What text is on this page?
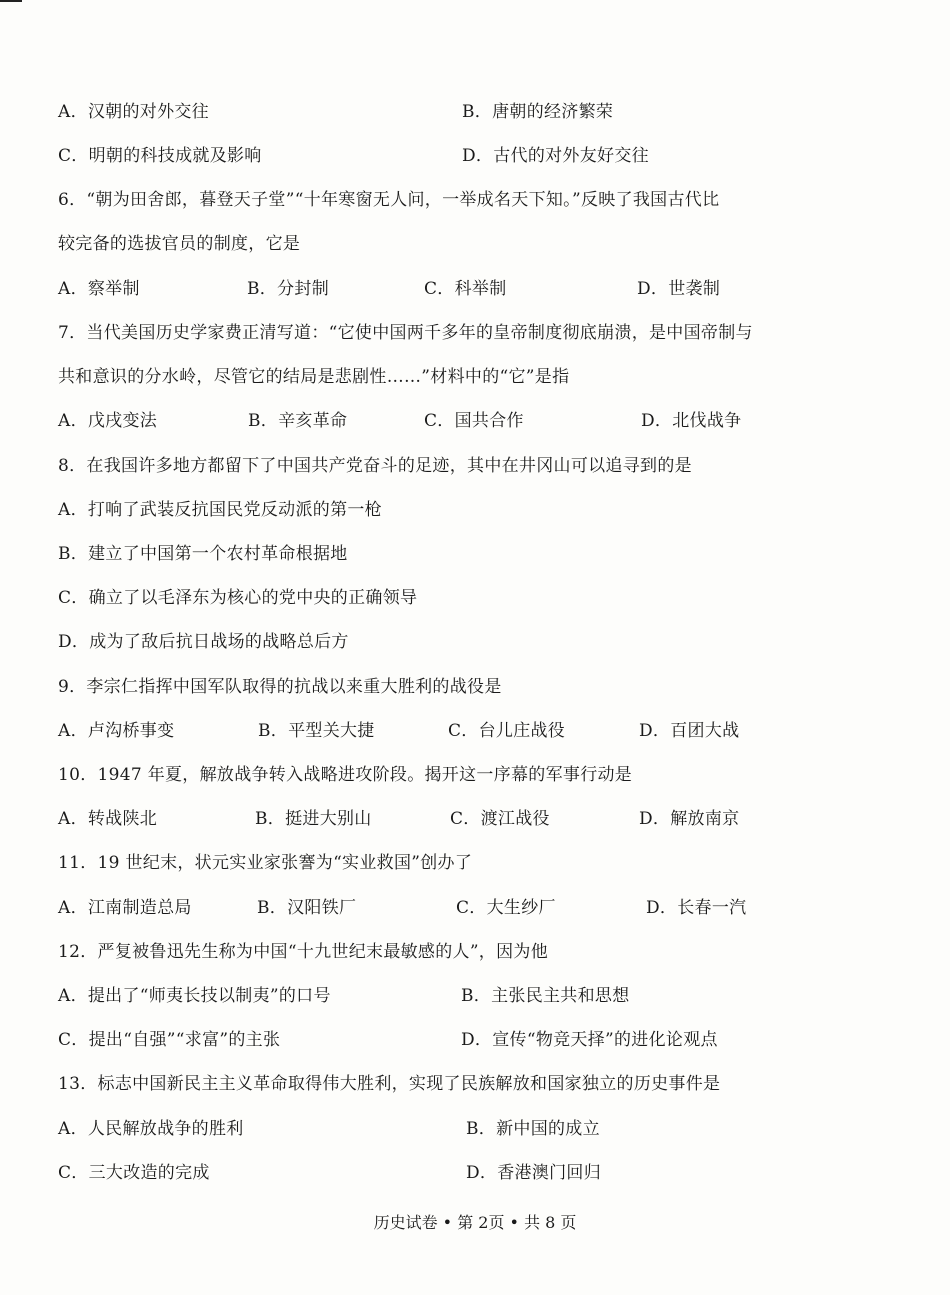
A．汉朝的对外交往	B．唐朝的经济繁荣
C．明朝的科技成就及影响	D．古代的对外友好交往
6．“朝为田舍郎，暮登天子堂”“十年寒窗无人问，一举成名天下知。”反映了我国古代比
较完备的选拔官员的制度，它是
A．察举制	B．分封制	C．科举制	D．世袭制
7．当代美国历史学家费正清写道：“它使中国两千多年的皇帝制度彻底崩溃，是中国帝制与
共和意识的分水岭，尽管它的结局是悲剧性……”材料中的“它”是指
A．戊戌变法	B．辛亥革命	C．国共合作	D．北伐战争
8．在我国许多地方都留下了中国共产党奋斗的足迹，其中在井冈山可以追寻到的是
A．打响了武装反抗国民党反动派的第一枪
B．建立了中国第一个农村革命根据地
C．确立了以毛泽东为核心的党中央的正确领导
D．成为了敌后抗日战场的战略总后方
9．李宗仁指挥中国军队取得的抗战以来重大胜利的战役是
A．卢沟桥事变	B．平型关大捷	C．台儿庄战役	D．百团大战
10．1947 年夏，解放战争转入战略进攻阶段。揭开这一序幕的军事行动是
A．转战陕北	B．挺进大别山	C．渡江战役	D．解放南京
11．19 世纪末，状元实业家张謇为“实业救国”创办了
A．江南制造总局	B．汉阳铁厂	C．大生纱厂	D．长春一汽
12．严复被鲁迅先生称为中国“十九世纪末最敏感的人”，因为他
A．提出了“师夷长技以制夷”的口号	B．主张民主共和思想
C．提出“自强”“求富”的主张	D．宣传“物竞天择”的进化论观点
13．标志中国新民主主义革命取得伟大胜利，实现了民族解放和国家独立的历史事件是
A．人民解放战争的胜利	B．新中国的成立
C．三大改造的完成	D．香港澳门回归
历史试卷 • 第 2页 • 共 8 页
